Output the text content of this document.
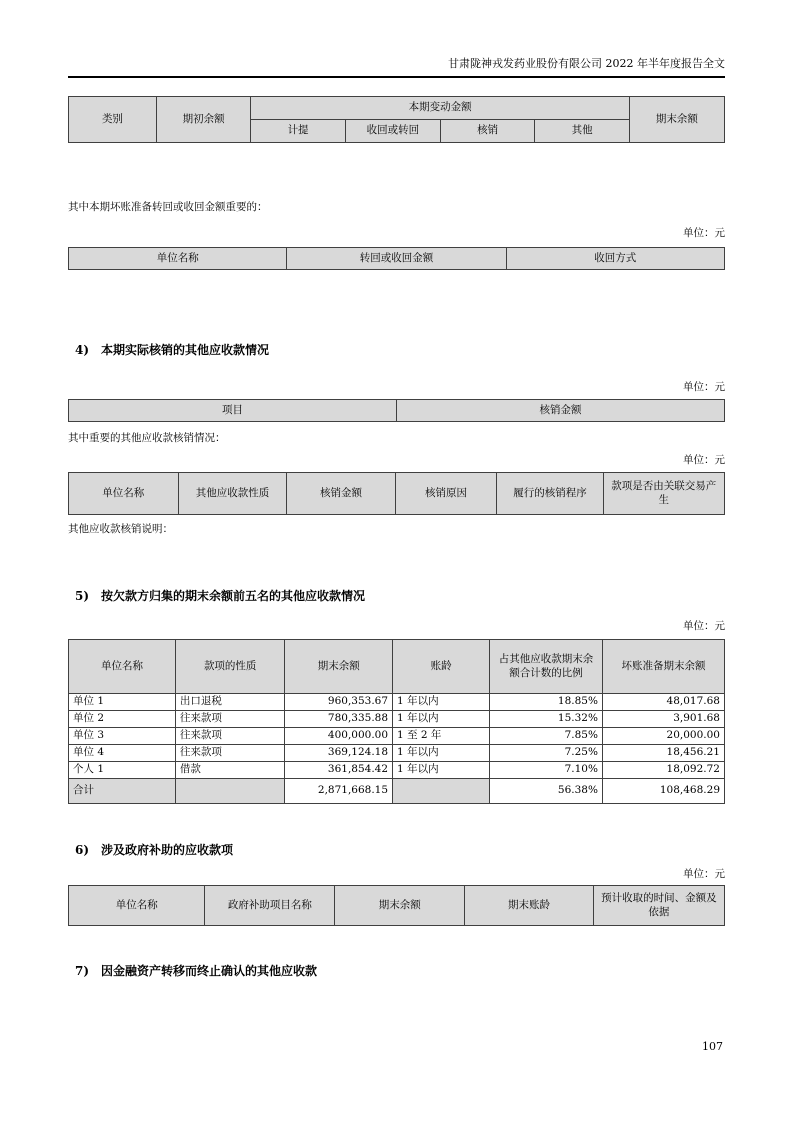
甘肃陇神戎发药业股份有限公司 2022 年半年度报告全文
类别	期初余额	本期变动金额				期末余额
		计提	收回或转回	核销	其他	
其中本期坏账准备转回或收回金额重要的：
单位：元
单位名称	转回或收回金额	收回方式
4) 本期实际核销的其他应收款情况
单位：元
项目	核销金额
其中重要的其他应收款核销情况：
单位：元
单位名称	其他应收款性质	核销金额	核销原因	履行的核销程序	款项是否由关联交易产生
其他应收款核销说明：
5) 按欠款方归集的期末余额前五名的其他应收款情况
单位：元
单位名称	款项的性质	期末余额	账龄	占其他应收款期末余额合计数的比例	坏账准备期末余额
单位 1	出口退税	960,353.67	1 年以内	18.85%	48,017.68
单位 2	往来款项	780,335.88	1 年以内	15.32%	3,901.68
单位 3	往来款项	400,000.00	1 至 2 年	7.85%	20,000.00
单位 4	往来款项	369,124.18	1 年以内	7.25%	18,456.21
个人 1	借款	361,854.42	1 年以内	7.10%	18,092.72
合计		2,871,668.15		56.38%	108,468.29
6) 涉及政府补助的应收款项
单位：元
单位名称	政府补助项目名称	期末余额	期末账龄	预计收取的时间、金额及依据
7) 因金融资产转移而终止确认的其他应收款
107
